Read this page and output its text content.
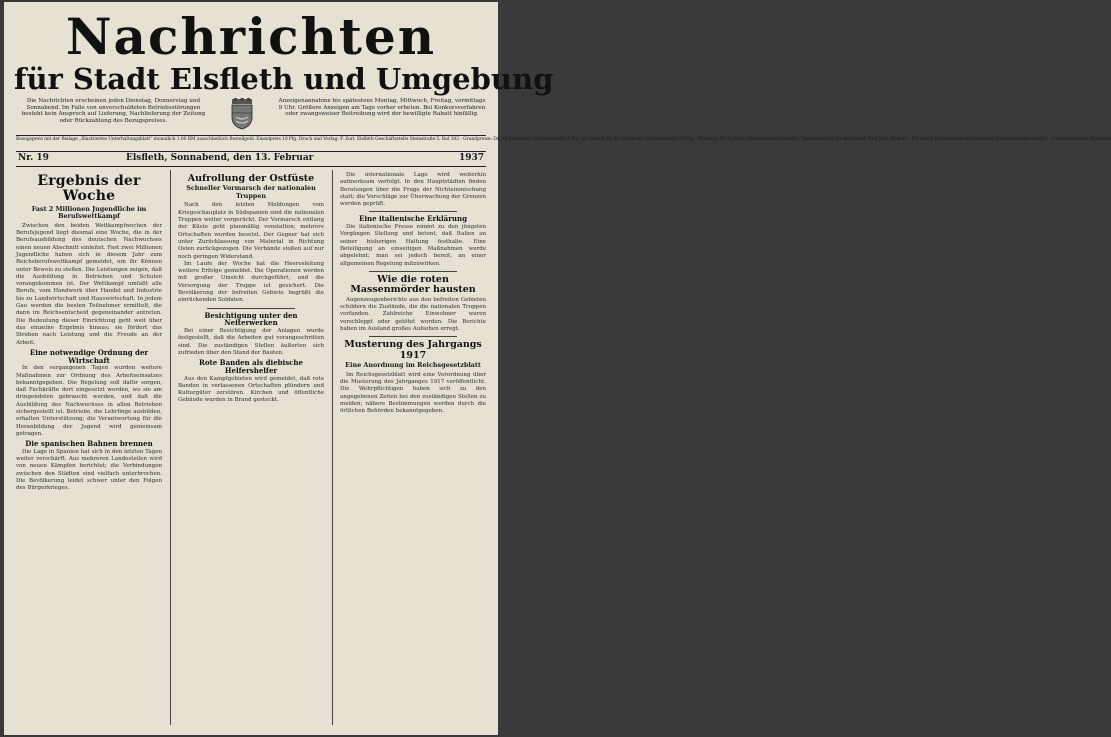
Nachrichten
für Stadt Elsfleth und Umgebung
Die Nachrichten erscheinen jeden Dienstag, Donnerstag und Sonnabend. Im Falle von unverschuldeten Betriebsstörungen besteht kein Anspruch auf Lieferung, Nachlieferung der Zeitung oder Rückzahlung des Bezugspreises.
Anzeigenannahme bis spätestens Montag, Mittwoch, Freitag, vormittags 9 Uhr. Größere Anzeigen am Tage vorher erbeten. Bei Konkursverfahren oder zwangsweiser Beitreibung wird der bewilligte Rabatt hinfällig.
Bezugspreis mit der Beilage „Illustriertes Unterhaltungsblatt“ monatlich 1.00 RM ausschließlich Bestellgeld. Einzelpreis 10 Pfg. Druck und Verlag: F. Zurl, Elsfleth Geschäftsstelle Steinstraße 5. Ruf 302 · Grundpreise: Die 46 mm breite Millimeterzeile 4 Pfg. im Textteil die 90 mm breite Millimeterzeile 15 Pfg. · Preisliste Nr. 3 gültig. Nachlässe nach Staffel · Verantwortlich für den Inhalt: Paul Zurl, Elsfleth · Für durch Fernsprecher aufgegebene Anzeigen keine Gewähr · Postscheckkonto Hannover
Nr. 19	Elsfleth, Sonnabend, den 13. Februar	1937
Ergebnis der Woche
Fast 2 Millionen Jugendliche im Berufswettkampf

Zwischen den beiden Wettkampfwochen der Berufsjugend liegt diesmal eine Woche, die in der Berufsausbildung des deutschen Nachwuchses einen neuen Abschnitt einleitet. Fast zwei Millionen Jugendliche haben sich in diesem Jahr zum Reichsberufswettkampf gemeldet, um ihr Können unter Beweis zu stellen. Die Leistungen zeigen, daß die Ausbildung in Betrieben und Schulen vorangekommen ist. Der Wettkampf umfaßt alle Berufe, vom Handwerk über Handel und Industrie bis zu Landwirtschaft und Hauswirtschaft. In jedem Gau werden die besten Teilnehmer ermittelt, die dann im Reichsentscheid gegeneinander antreten. Die Bedeutung dieser Einrichtung geht weit über das einzelne Ergebnis hinaus; sie fördert das Streben nach Leistung und die Freude an der Arbeit.

Eine notwendige Ordnung der Wirtschaft

In den vergangenen Tagen wurden weitere Maßnahmen zur Ordnung des Arbeitseinsatzes bekanntgegeben. Die Regelung soll dafür sorgen, daß Fachkräfte dort eingesetzt werden, wo sie am dringendsten gebraucht werden, und daß die Ausbildung des Nachwuchses in allen Betrieben sichergestellt ist. Betriebe, die Lehrlinge ausbilden, erhalten Unterstützung; die Verantwortung für die Heranbildung der Jugend wird gemeinsam getragen.

Die spanischen Bahnen brennen

Die Lage in Spanien hat sich in den letzten Tagen weiter verschärft. Aus mehreren Landesteilen wird von neuen Kämpfen berichtet; die Verbindungen zwischen den Städten sind vielfach unterbrochen. Die Bevölkerung leidet schwer unter den Folgen des Bürgerkrieges.

Aufrollung der Ostfüste
Schneller Vormarsch der nationalen Truppen

Nach den letzten Meldungen vom Kriegsschauplatz in Südspanien sind die nationalen Truppen weiter vorgerückt. Der Vormarsch entlang der Küste geht planmäßig vonstatten; mehrere Ortschaften wurden besetzt. Der Gegner hat sich unter Zurücklassung von Material in Richtung Osten zurückgezogen. Die Verbände stoßen auf nur noch geringen Widerstand.

Im Laufe der Woche hat die Heeresleitung weitere Erfolge gemeldet. Die Operationen werden mit großer Umsicht durchgeführt, und die Versorgung der Truppe ist gesichert. Die Bevölkerung der befreiten Gebiete begrüßt die einrückenden Soldaten.

Besichtigung unter den Neiterwerken

Bei einer Besichtigung der Anlagen wurde festgestellt, daß die Arbeiten gut vorangeschritten sind. Die zuständigen Stellen äußerten sich zufrieden über den Stand der Bauten.

Rote Banden als diebische Helfershelfer

Aus den Kampfgebieten wird gemeldet, daß rote Banden in verlassenen Ortschaften plündern und Kulturgüter zerstören. Kirchen und öffentliche Gebäude wurden in Brand gesteckt.

Die internationale Lage wird weiterhin aufmerksam verfolgt. In den Hauptstädten finden Beratungen über die Frage der Nichteinmischung statt; die Vorschläge zur Überwachung der Grenzen werden geprüft.

Eine italienische Erklärung

Die italienische Presse nimmt zu den jüngsten Vorgängen Stellung und betont, daß Italien an seiner bisherigen Haltung festhalte. Eine Beteiligung an einseitigen Maßnahmen werde abgelehnt; man sei jedoch bereit, an einer allgemeinen Regelung mitzuwirken.

Wie die roten Massenmörder hausten

Augenzeugenberichte aus den befreiten Gebieten schildern die Zustände, die die nationalen Truppen vorfanden. Zahlreiche Einwohner waren verschleppt oder getötet worden. Die Berichte haben im Ausland großes Aufsehen erregt.

Musterung des Jahrgangs 1917
Eine Anordnung im Reichsgesetzblatt

Im Reichsgesetzblatt wird eine Verordnung über die Musterung des Jahrganges 1917 veröffentlicht. Die Wehrpflichtigen haben sich zu den angegebenen Zeiten bei den zuständigen Stellen zu melden; nähere Bestimmungen werden durch die örtlichen Behörden bekanntgegeben.
